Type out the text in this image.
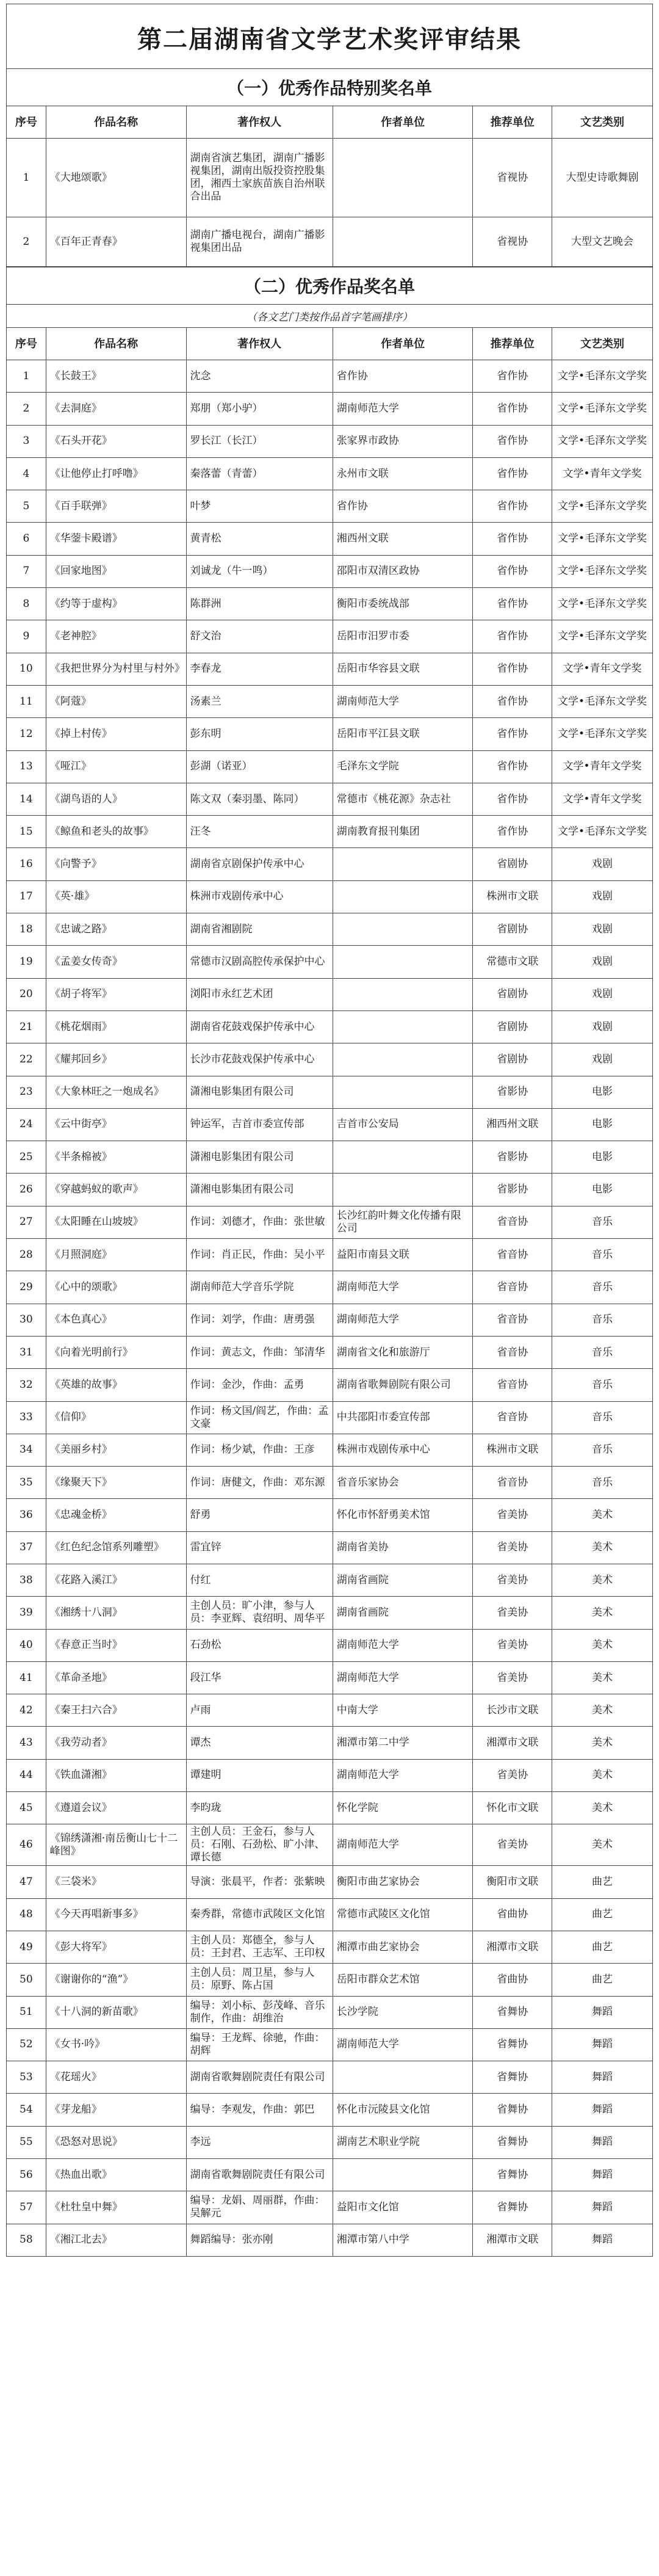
第二届湖南省文学艺术奖评审结果
（一）优秀作品特别奖名单
序号	作品名称	著作权人	作者单位	推荐单位	文艺类别
1	《大地颂歌》	湖南省演艺集团，湖南广播影视集团，湖南出版投资控股集团，湘西土家族苗族自治州联合出品		省视协	大型史诗歌舞剧
2	《百年正青春》	湖南广播电视台，湖南广播影视集团出品		省视协	大型文艺晚会
（二）优秀作品奖名单
（各文艺门类按作品首字笔画排序）
序号	作品名称	著作权人	作者单位	推荐单位	文艺类别
1	《长鼓王》	沈念	省作协	省作协	文学•毛泽东文学奖
2	《去洞庭》	郑朋（郑小驴）	湖南师范大学	省作协	文学•毛泽东文学奖
3	《石头开花》	罗长江（长江）	张家界市政协	省作协	文学•毛泽东文学奖
4	《让他停止打呼噜》	秦落蕾（青蕾）	永州市文联	省作协	文学•青年文学奖
5	《百手联弹》	叶梦	省作协	省作协	文学•毛泽东文学奖
6	《华蓥卡殿谱》	黄青松	湘西州文联	省作协	文学•毛泽东文学奖
7	《回家地图》	刘诚龙（牛一鸣）	邵阳市双清区政协	省作协	文学•毛泽东文学奖
8	《约等于虚构》	陈群洲	衡阳市委统战部	省作协	文学•毛泽东文学奖
9	《老神腔》	舒文治	岳阳市汨罗市委	省作协	文学•毛泽东文学奖
10	《我把世界分为村里与村外》	李春龙	岳阳市华容县文联	省作协	文学•青年文学奖
11	《阿蔻》	汤素兰	湖南师范大学	省作协	文学•毛泽东文学奖
12	《掉上村传》	彭东明	岳阳市平江县文联	省作协	文学•毛泽东文学奖
13	《哑江》	彭湖（诺亚）	毛泽东文学院	省作协	文学•青年文学奖
14	《湖鸟语的人》	陈文双（秦羽墨、陈同）	常德市《桃花源》杂志社	省作协	文学•青年文学奖
15	《鲸鱼和老头的故事》	汪冬	湖南教育报刊集团	省作协	文学•毛泽东文学奖
16	《向警予》	湖南省京剧保护传承中心		省剧协	戏剧
17	《英·雄》	株洲市戏剧传承中心		株洲市文联	戏剧
18	《忠诚之路》	湖南省湘剧院		省剧协	戏剧
19	《孟姜女传奇》	常德市汉剧高腔传承保护中心		常德市文联	戏剧
20	《胡子将军》	浏阳市永红艺术团		省剧协	戏剧
21	《桃花烟雨》	湖南省花鼓戏保护传承中心		省剧协	戏剧
22	《耀邦回乡》	长沙市花鼓戏保护传承中心		省剧协	戏剧
23	《大象林旺之一炮成名》	潇湘电影集团有限公司		省影协	电影
24	《云中街亭》	钟运军，吉首市委宣传部	吉首市公安局	湘西州文联	电影
25	《半条棉被》	潇湘电影集团有限公司		省影协	电影
26	《穿越蚂蚁的歌声》	潇湘电影集团有限公司		省影协	电影
27	《太阳睡在山坡坡》	作词：刘德才，作曲：张世敏	长沙红韵叶舞文化传播有限公司	省音协	音乐
28	《月照洞庭》	作词：肖正民，作曲：吴小平	益阳市南县文联	省音协	音乐
29	《心中的颂歌》	湖南师范大学音乐学院	湖南师范大学	省音协	音乐
30	《本色真心》	作词：刘学，作曲：唐勇强	湖南师范大学	省音协	音乐
31	《向着光明前行》	作词：黄志文，作曲：邹清华	湖南省文化和旅游厅	省音协	音乐
32	《英雄的故事》	作词：金沙，作曲：孟勇	湖南省歌舞剧院有限公司	省音协	音乐
33	《信仰》	作词：杨文国/阎艺，作曲：孟文豪	中共邵阳市委宣传部	省音协	音乐
34	《美丽乡村》	作词：杨少斌，作曲：王彦	株洲市戏剧传承中心	株洲市文联	音乐
35	《缘聚天下》	作词：唐健文，作曲：邓东源	省音乐家协会	省音协	音乐
36	《忠魂金桥》	舒勇	怀化市怀舒勇美术馆	省美协	美术
37	《红色纪念馆系列雕塑》	雷宜锌	湖南省美协	省美协	美术
38	《花路入溪江》	付红	湖南省画院	省美协	美术
39	《湘绣十八洞》	主创人员：旷小津，参与人员：李亚辉、袁绍明、周华平	湖南省画院	省美协	美术
40	《春意正当时》	石劲松	湖南师范大学	省美协	美术
41	《革命圣地》	段江华	湖南师范大学	省美协	美术
42	《秦王扫六合》	卢雨	中南大学	长沙市文联	美术
43	《我劳动者》	谭杰	湘潭市第二中学	湘潭市文联	美术
44	《铁血潇湘》	谭建明	湖南师范大学	省美协	美术
45	《遵道会议》	李昀珑	怀化学院	怀化市文联	美术
46	《锦绣潇湘·南岳衡山七十二峰图》	主创人员：王金石，参与人员：石刚、石劲松、旷小津、谭长德	湖南师范大学	省美协	美术
47	《三袋米》	导演：张晨平，作者：张紫映	衡阳市曲艺家协会	衡阳市文联	曲艺
48	《今天再唱新事多》	秦秀群，常德市武陵区文化馆	常德市武陵区文化馆	省曲协	曲艺
49	《彭大将军》	主创人员：郑德全，参与人员：王封君、王志军、王印权	湘潭市曲艺家协会	湘潭市文联	曲艺
50	《谢谢你的“渔”》	主创人员：周卫星，参与人员：原野、陈占国	岳阳市群众艺术馆	省曲协	曲艺
51	《十八洞的新苗歌》	编导：刘小标、彭茂峰、音乐制作，作曲：胡维治	长沙学院	省舞协	舞蹈
52	《女书·吟》	编导：王龙辉、徐驰，作曲：胡辉	湖南师范大学	省舞协	舞蹈
53	《花瑶火》	湖南省歌舞剧院责任有限公司		省舞协	舞蹈
54	《芽龙船》	编导：李观发，作曲：郭巴	怀化市沅陵县文化馆	省舞协	舞蹈
55	《恐怒对思说》	李远	湖南艺术职业学院	省舞协	舞蹈
56	《热血出歌》	湖南省歌舞剧院责任有限公司		省舞协	舞蹈
57	《杜牡皇中舞》	编导：龙娟、周丽群，作曲：吴解元	益阳市文化馆	省舞协	舞蹈
58	《湘江北去》	舞蹈编导：张亦刚	湘潭市第八中学	湘潭市文联	舞蹈
